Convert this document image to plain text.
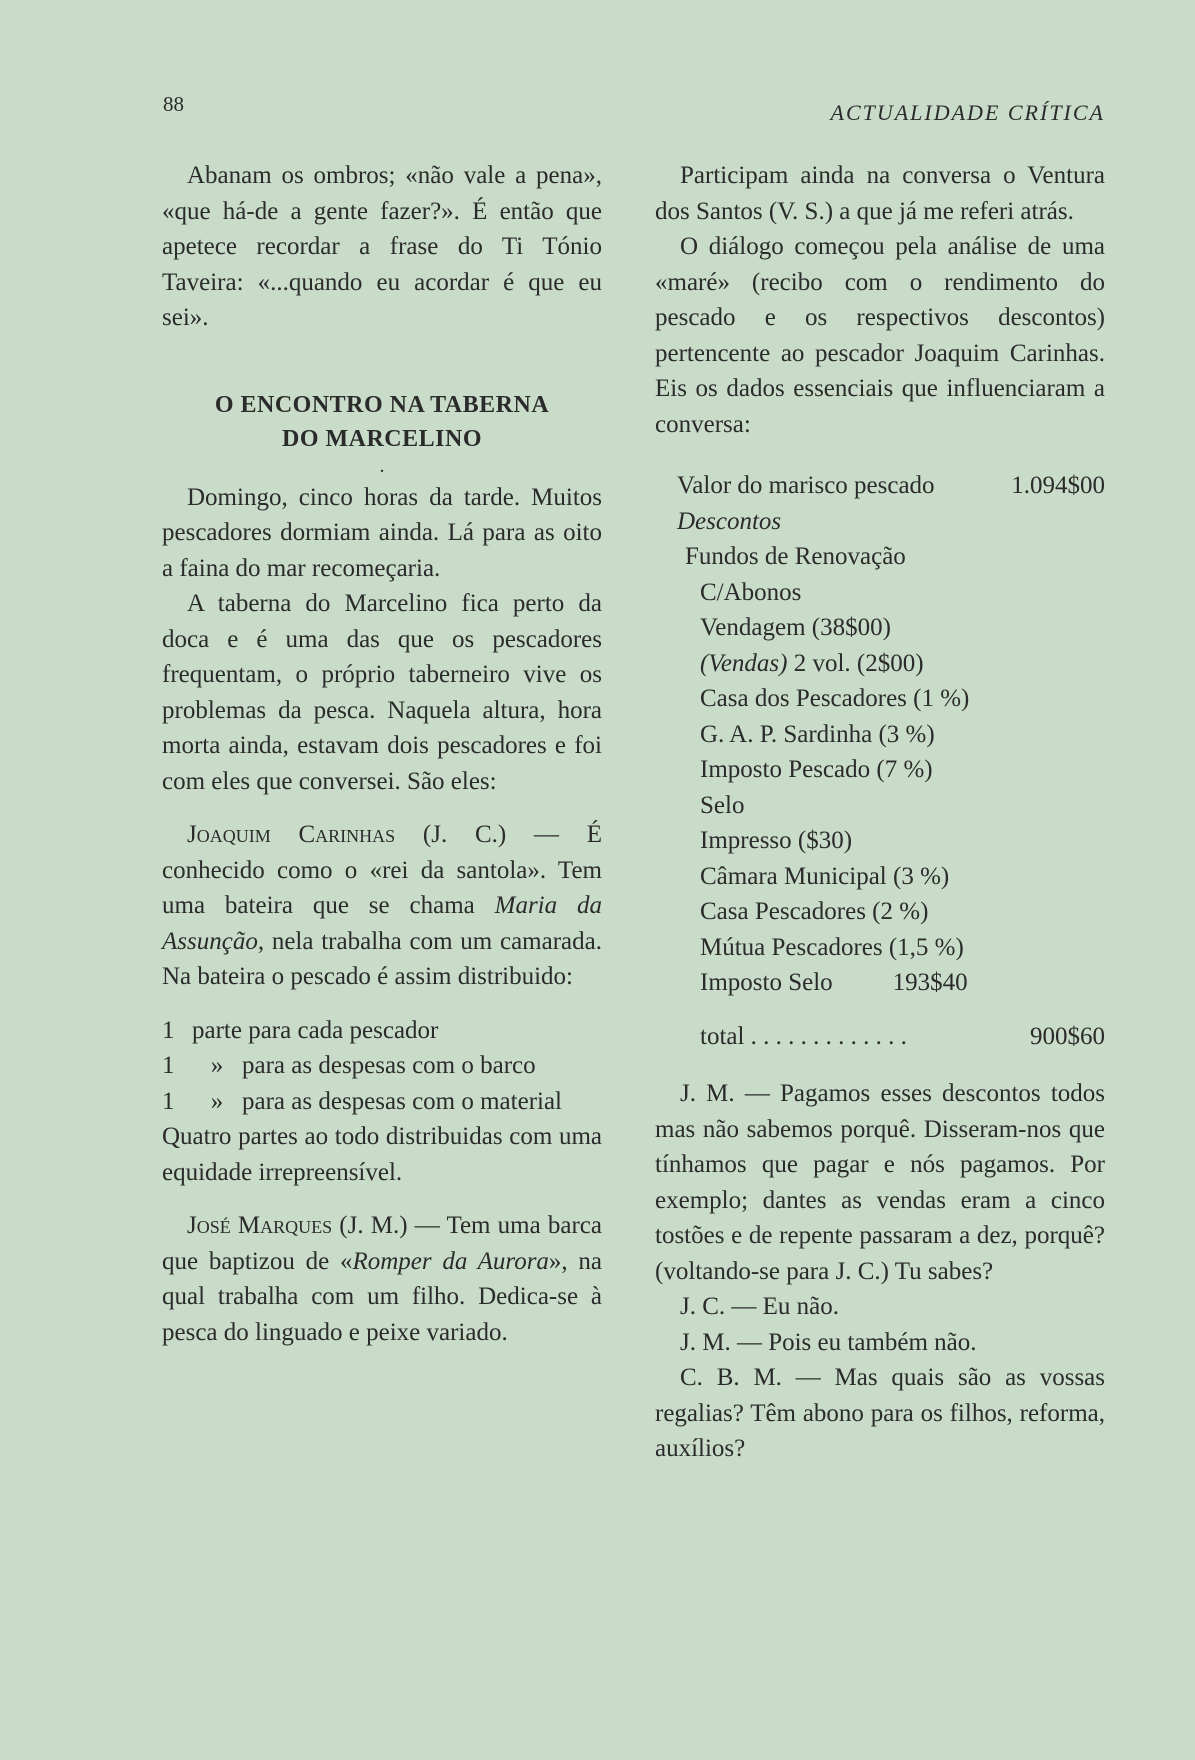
88	ACTUALIDADE CRÍTICA

Abanam os ombros; «não vale a pena», «que há-de a gente fazer?». É então que apetece recordar a frase do Ti Tónio Taveira: «...quando eu acordar é que eu sei».

O ENCONTRO NA TABERNA
DO MARCELINO
.

Domingo, cinco horas da tarde. Muitos pescadores dormiam ainda. Lá para as oito a faina do mar recomeçaria.

A taberna do Marcelino fica perto da doca e é uma das que os pescadores frequentam, o próprio taberneiro vive os problemas da pesca. Naquela altura, hora morta ainda, estavam dois pescadores e foi com eles que conversei. São eles:

Joaquim Carinhas (J. C.) — É conhecido como o «rei da santola». Tem uma bateira que se chama Maria da Assunção, nela trabalha com um camarada. Na bateira o pescado é assim distribuido:

1 parte para cada pescador
1	» para as despesas com o barco
1	» para as despesas com o material

Quatro partes ao todo distribuidas com uma equidade irrepreensível.

José Marques (J. M.) — Tem uma barca que baptizou de «Romper da Aurora», na qual trabalha com um filho. Dedica-se à pesca do linguado e peixe variado.

Participam ainda na conversa o Ventura dos Santos (V. S.) a que já me referi atrás.

O diálogo começou pela análise de uma «maré» (recibo com o rendimento do pescado e os respectivos descontos) pertencente ao pescador Joaquim Carinhas. Eis os dados essenciais que influenciaram a conversa:

Valor do marisco pescado	1.094$00
Descontos
Fundos de Renovação
C/Abonos
Vendagem (38$00)
(Vendas) 2 vol. (2$00)
Casa dos Pescadores (1 %)
G. A. P. Sardinha (3 %)
Imposto Pescado (7 %)
Selo
Impresso ($30)
Câmara Municipal (3 %)
Casa Pescadores (2 %)
Mútua Pescadores (1,5 %)
Imposto Selo 193$40
total . . . . . . . . . . . . .	900$60

J. M. — Pagamos esses descontos todos mas não sabemos porquê. Disseram-nos que tínhamos que pagar e nós pagamos. Por exemplo; dantes as vendas eram a cinco tostões e de repente passaram a dez, porquê? (voltando-se para J. C.) Tu sabes?

J. C. — Eu não.

J. M. — Pois eu também não.

C. B. M. — Mas quais são as vossas regalias? Têm abono para os filhos, reforma, auxílios?
